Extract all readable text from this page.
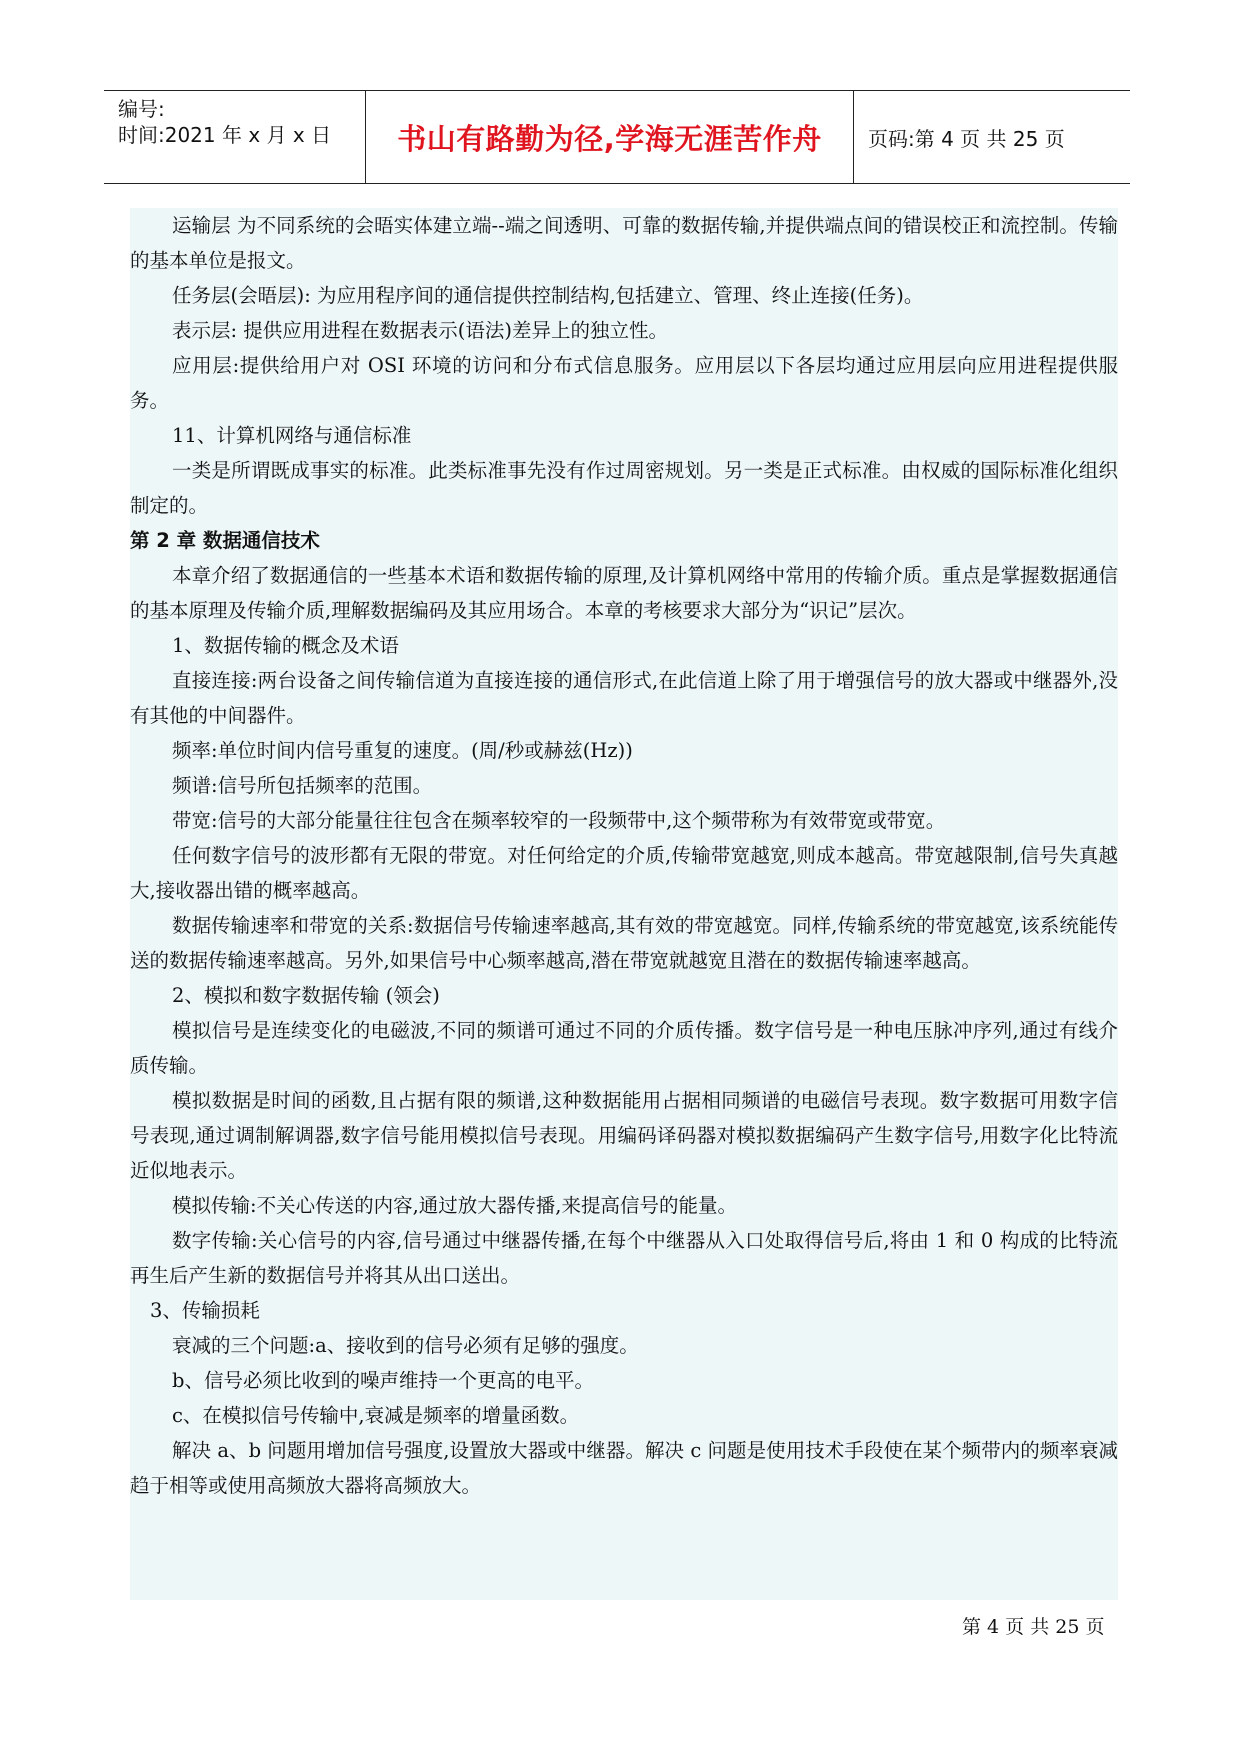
编号:
时间:2021 年 x 月 x 日 书山有路勤为径,学海无涯苦作舟 页码:第 4 页 共 25 页

运输层 为不同系统的会晤实体建立端--端之间透明、可靠的数据传输,并提供端点间的错误校正和流控制。传输的基本单位是报文。

任务层(会晤层): 为应用程序间的通信提供控制结构,包括建立、管理、终止连接(任务)。

表示层: 提供应用进程在数据表示(语法)差异上的独立性。

应用层:提供给用户对 OSI 环境的访问和分布式信息服务。应用层以下各层均通过应用层向应用进程提供服务。

11、计算机网络与通信标准

一类是所谓既成事实的标准。此类标准事先没有作过周密规划。另一类是正式标准。由权威的国际标准化组织制定的。

第 2 章 数据通信技术

本章介绍了数据通信的一些基本术语和数据传输的原理,及计算机网络中常用的传输介质。重点是掌握数据通信的基本原理及传输介质,理解数据编码及其应用场合。本章的考核要求大部分为“识记”层次。

1、数据传输的概念及术语

直接连接:两台设备之间传输信道为直接连接的通信形式,在此信道上除了用于增强信号的放大器或中继器外,没有其他的中间器件。

频率:单位时间内信号重复的速度。(周/秒或赫兹(Hz))

频谱:信号所包括频率的范围。

带宽:信号的大部分能量往往包含在频率较窄的一段频带中,这个频带称为有效带宽或带宽。

任何数字信号的波形都有无限的带宽。对任何给定的介质,传输带宽越宽,则成本越高。带宽越限制,信号失真越大,接收器出错的概率越高。

数据传输速率和带宽的关系:数据信号传输速率越高,其有效的带宽越宽。同样,传输系统的带宽越宽,该系统能传送的数据传输速率越高。另外,如果信号中心频率越高,潜在带宽就越宽且潜在的数据传输速率越高。

2、模拟和数字数据传输 (领会)

模拟信号是连续变化的电磁波,不同的频谱可通过不同的介质传播。数字信号是一种电压脉冲序列,通过有线介质传输。

模拟数据是时间的函数,且占据有限的频谱,这种数据能用占据相同频谱的电磁信号表现。数字数据可用数字信号表现,通过调制解调器,数字信号能用模拟信号表现。用编码译码器对模拟数据编码产生数字信号,用数字化比特流近似地表示。

模拟传输:不关心传送的内容,通过放大器传播,来提高信号的能量。

数字传输:关心信号的内容,信号通过中继器传播,在每个中继器从入口处取得信号后,将由 1 和 0 构成的比特流再生后产生新的数据信号并将其从出口送出。

3、传输损耗

衰减的三个问题:a、接收到的信号必须有足够的强度。

b、信号必须比收到的噪声维持一个更高的电平。

c、在模拟信号传输中,衰减是频率的增量函数。

解决 a、b 问题用增加信号强度,设置放大器或中继器。解决 c 问题是使用技术手段使在某个频带内的频率衰减趋于相等或使用高频放大器将高频放大。

第 4 页 共 25 页
